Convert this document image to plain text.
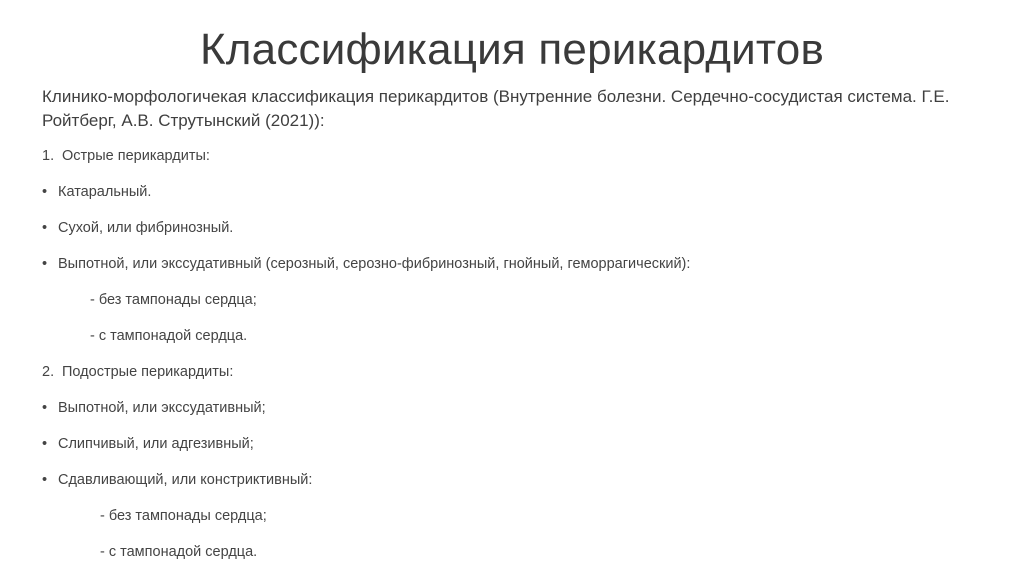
Классификация перикардитов
Клинико-морфологичекая классификация перикардитов (Внутренние болезни. Сердечно-сосудистая система. Г.Е. Ройтберг, А.В. Струтынский (2021)):
1. Острые перикардиты:
• Катаральный.
• Сухой, или фибринозный.
• Выпотной, или экссудативный (серозный, серозно-фибринозный, гнойный, геморрагический):
- без тампонады сердца;
- с тампонадой сердца.
2. Подострые перикардиты:
• Выпотной, или экссудативный;
• Слипчивый, или адгезивный;
• Сдавливающий, или констриктивный:
- без тампонады сердца;
- с тампонадой сердца.
